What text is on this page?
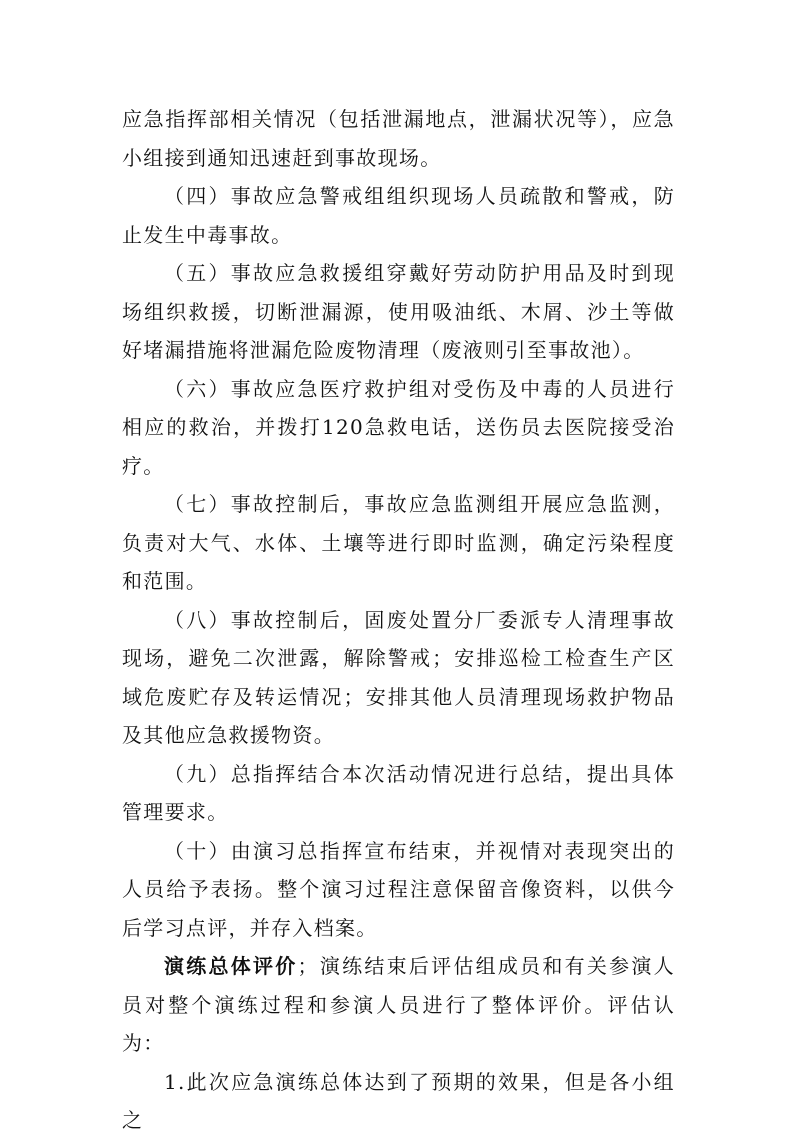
应急指挥部相关情况（包括泄漏地点，泄漏状况等），应急小组接到通知迅速赶到事故现场。

（四）事故应急警戒组组织现场人员疏散和警戒，防止发生中毒事故。

（五）事故应急救援组穿戴好劳动防护用品及时到现场组织救援，切断泄漏源，使用吸油纸、木屑、沙土等做好堵漏措施将泄漏危险废物清理（废液则引至事故池）。

（六）事故应急医疗救护组对受伤及中毒的人员进行相应的救治，并拨打120急救电话，送伤员去医院接受治疗。

（七）事故控制后，事故应急监测组开展应急监测，负责对大气、水体、土壤等进行即时监测，确定污染程度和范围。

（八）事故控制后，固废处置分厂委派专人清理事故现场，避免二次泄露，解除警戒；安排巡检工检查生产区域危废贮存及转运情况；安排其他人员清理现场救护物品及其他应急救援物资。

（九）总指挥结合本次活动情况进行总结，提出具体管理要求。

（十）由演习总指挥宣布结束，并视情对表现突出的人员给予表扬。整个演习过程注意保留音像资料，以供今后学习点评，并存入档案。

演练总体评价；演练结束后评估组成员和有关参演人员对整个演练过程和参演人员进行了整体评价。评估认为：

1.此次应急演练总体达到了预期的效果，但是各小组之
